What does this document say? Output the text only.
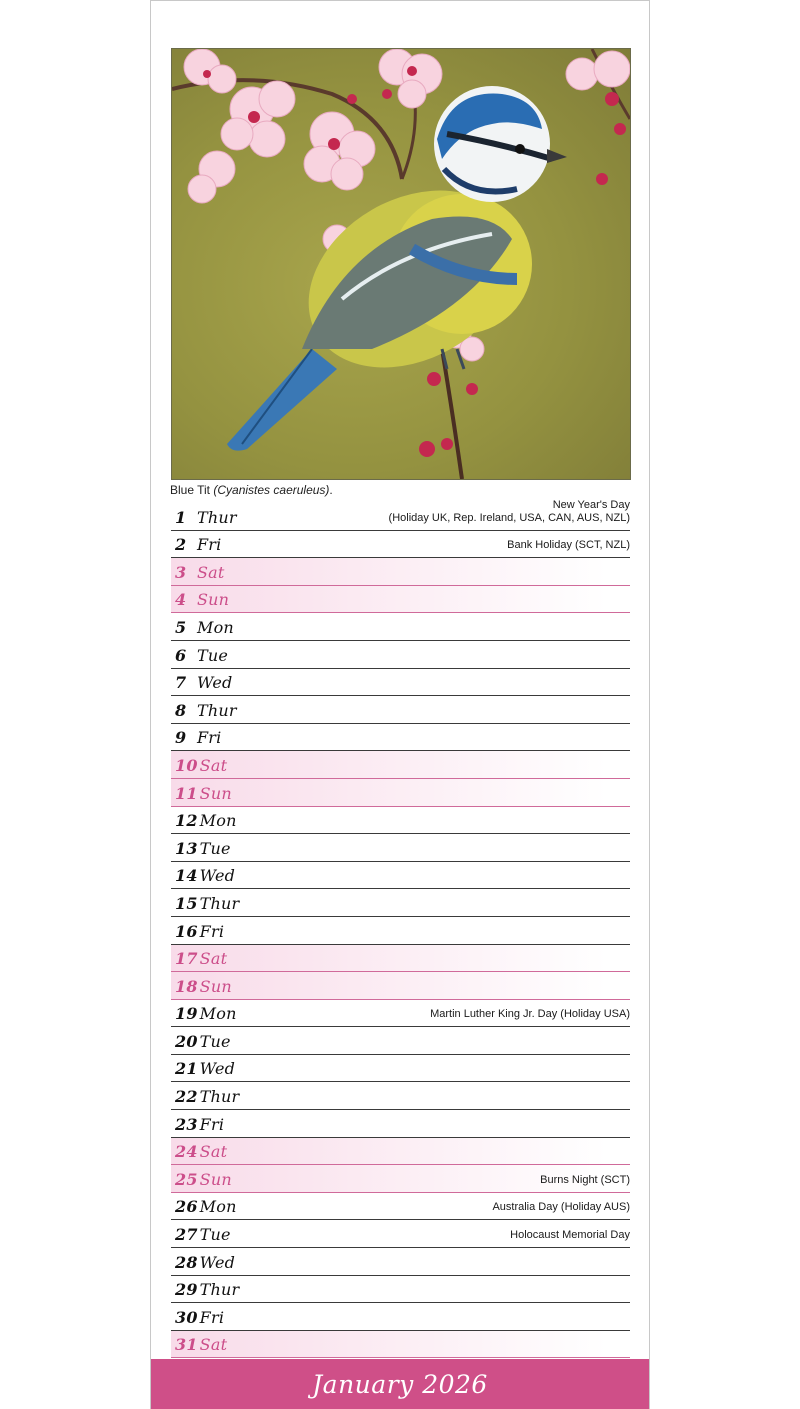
Blue Tit (Cyanistes caeruleus).
1 Thur
New Year's Day
(Holiday UK, Rep. Ireland, USA, CAN, AUS, NZL)
2 Fri	Bank Holiday (SCT, NZL)
3 Sat
4 Sun
5 Mon
6 Tue
7 Wed
8 Thur
9 Fri
10 Sat
11 Sun
12 Mon
13 Tue
14 Wed
15 Thur
16 Fri
17 Sat
18 Sun
19 Mon	Martin Luther King Jr. Day (Holiday USA)
20 Tue
21 Wed
22 Thur
23 Fri
24 Sat
25 Sun	Burns Night (SCT)
26 Mon	Australia Day (Holiday AUS)
27 Tue	Holocaust Memorial Day
28 Wed
29 Thur
30 Fri
31 Sat
January 2026
